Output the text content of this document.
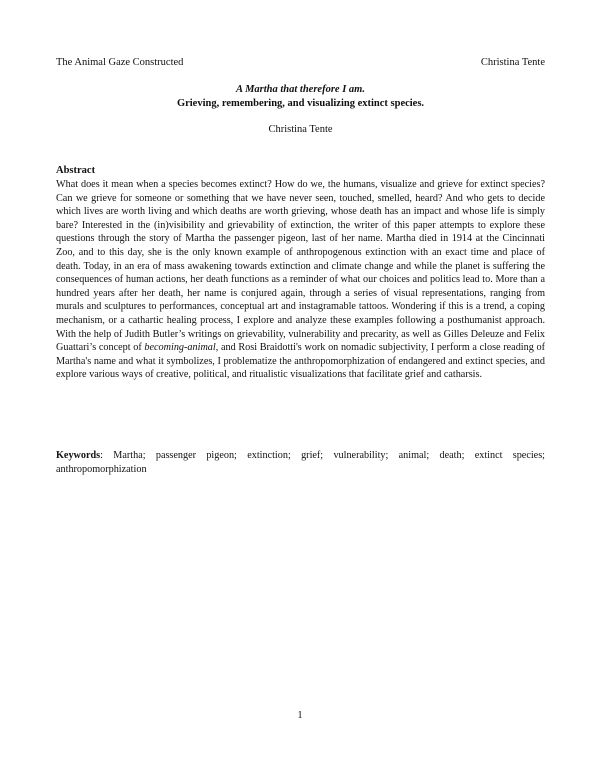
The Animal Gaze Constructed	Christina Tente
A Martha that therefore I am.
Grieving, remembering, and visualizing extinct species.
Christina Tente
Abstract

What does it mean when a species becomes extinct? How do we, the humans, visualize and grieve for extinct species? Can we grieve for someone or something that we have never seen, touched, smelled, heard? And who gets to decide which lives are worth living and which deaths are worth grieving, whose death has an impact and whose life is simply bare? Interested in the (in)visibility and grievability of extinction, the writer of this paper attempts to explore these questions through the story of Martha the passenger pigeon, last of her name. Martha died in 1914 at the Cincinnati Zoo, and to this day, she is the only known example of anthropogenous extinction with an exact time and place of death. Today, in an era of mass awakening towards extinction and climate change and while the planet is suffering the consequences of human actions, her death functions as a reminder of what our choices and politics lead to. More than a hundred years after her death, her name is conjured again, through a series of visual representations, ranging from murals and sculptures to performances, conceptual art and instagramable tattoos. Wondering if this is a trend, a coping mechanism, or a cathartic healing process, I explore and analyze these examples following a posthumanist approach. With the help of Judith Butler’s writings on grievability, vulnerability and precarity, as well as Gilles Deleuze and Felix Guattari’s concept of becoming-animal, and Rosi Braidotti's work on nomadic subjectivity, I perform a close reading of Martha's name and what it symbolizes, I problematize the anthropomorphization of endangered and extinct species, and explore various ways of creative, political, and ritualistic visualizations that facilitate grief and catharsis.

Keywords: Martha; passenger pigeon; extinction; grief; vulnerability; animal; death; extinct species; anthropomorphization

1
